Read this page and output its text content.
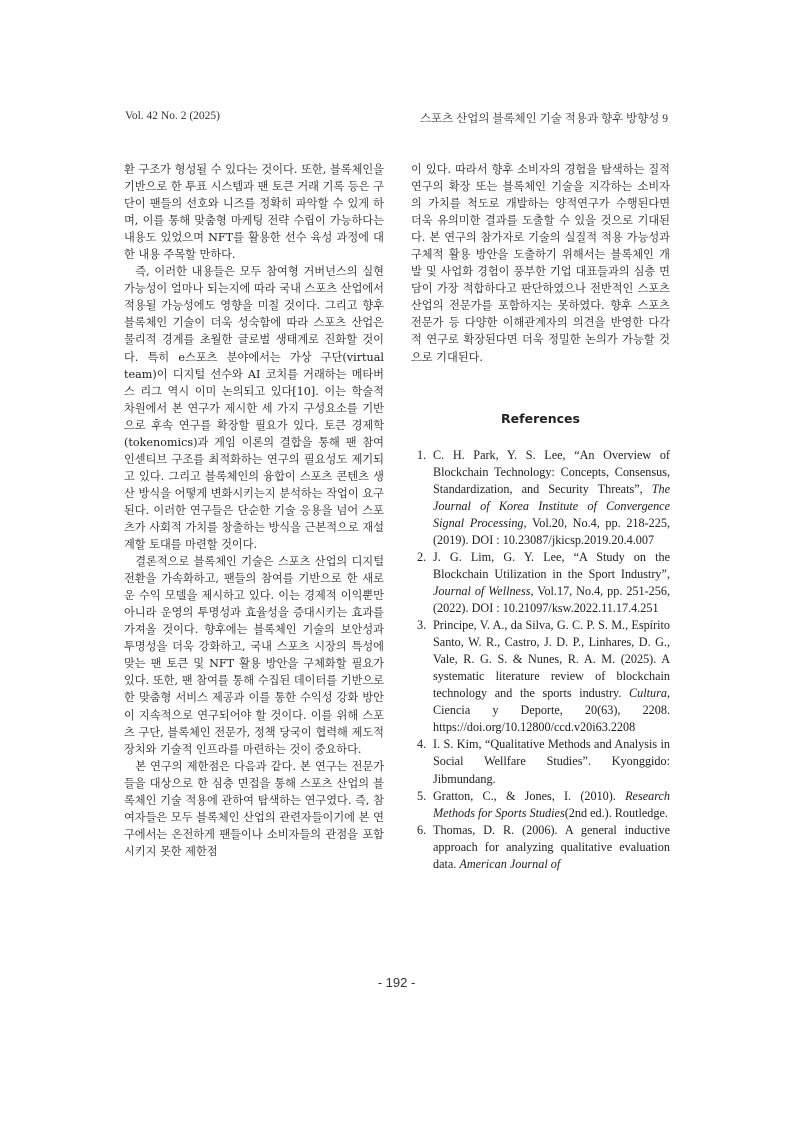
Vol. 42 No. 2 (2025)	스포츠 산업의 블록체인 기술 적용과 향후 방향성 9

환 구조가 형성될 수 있다는 것이다. 또한, 블록체인을 기반으로 한 투표 시스템과 팬 토큰 거래 기록 등은 구단이 팬들의 선호와 니즈를 정확히 파악할 수 있게 하며, 이를 통해 맞춤형 마케팅 전략 수립이 가능하다는 내용도 있었으며 NFT를 활용한 선수 육성 과정에 대한 내용 주목할 만하다.

즉, 이러한 내용들은 모두 참여형 거버넌스의 실현 가능성이 얼마나 되는지에 따라 국내 스포츠 산업에서 적용될 가능성에도 영향을 미칠 것이다. 그리고 향후 블록체인 기술이 더욱 성숙함에 따라 스포츠 산업은 물리적 경계를 초월한 글로벌 생태계로 진화할 것이다. 특히 e스포츠 분야에서는 가상 구단(virtual team)이 디지털 선수와 AI 코치를 거래하는 메타버스 리그 역시 이미 논의되고 있다[10]. 이는 학술적 차원에서 본 연구가 제시한 세 가지 구성요소를 기반으로 후속 연구를 확장할 필요가 있다. 토큰 경제학(tokenomics)과 게임 이론의 결합을 통해 팬 참여 인센티브 구조를 최적화하는 연구의 필요성도 제기되고 있다. 그리고 블록체인의 융합이 스포츠 콘텐츠 생산 방식을 어떻게 변화시키는지 분석하는 작업이 요구된다. 이러한 연구들은 단순한 기술 응용을 넘어 스포츠가 사회적 가치를 창출하는 방식을 근본적으로 재설계할 토대를 마련할 것이다.

결론적으로 블록체인 기술은 스포츠 산업의 디지털 전환을 가속화하고, 팬들의 참여를 기반으로 한 새로운 수익 모델을 제시하고 있다. 이는 경제적 이익뿐만 아니라 운영의 투명성과 효율성을 증대시키는 효과를 가져올 것이다. 향후에는 블록체인 기술의 보안성과 투명성을 더욱 강화하고, 국내 스포츠 시장의 특성에 맞는 팬 토큰 및 NFT 활용 방안을 구체화할 필요가 있다. 또한, 팬 참여를 통해 수집된 데이터를 기반으로 한 맞춤형 서비스 제공과 이를 통한 수익성 강화 방안이 지속적으로 연구되어야 할 것이다. 이를 위해 스포츠 구단, 블록체인 전문가, 정책 당국이 협력해 제도적 장치와 기술적 인프라를 마련하는 것이 중요하다.

본 연구의 제한점은 다음과 같다. 본 연구는 전문가들을 대상으로 한 심층 면접을 통해 스포츠 산업의 블록체인 기술 적용에 관하여 탐색하는 연구였다. 즉, 참여자들은 모두 블록체인 산업의 관련자들이기에 본 연구에서는 온전하게 팬들이나 소비자들의 관점을 포함시키지 못한 제한점

이 있다. 따라서 향후 소비자의 경험을 탐색하는 질적연구의 확장 또는 블록체인 기술을 지각하는 소비자의 가치를 척도로 개발하는 양적연구가 수행된다면 더욱 유의미한 결과를 도출할 수 있을 것으로 기대된다. 본 연구의 참가자로 기술의 실질적 적용 가능성과 구체적 활용 방안을 도출하기 위해서는 블록체인 개발 및 사업화 경험이 풍부한 기업 대표들과의 심층 면담이 가장 적합하다고 판단하였으나 전반적인 스포츠산업의 전문가를 포함하지는 못하였다. 향후 스포츠 전문가 등 다양한 이해관계자의 의견을 반영한 다각적 연구로 확장된다면 더욱 정밀한 논의가 가능할 것으로 기대된다.

References
1. C. H. Park, Y. S. Lee, “An Overview of Blockchain Technology: Concepts, Consensus, Standardization, and Security Threats”, The Journal of Korea Institute of Convergence Signal Processing, Vol.20, No.4, pp. 218-225, (2019). DOI : 10.23087/jkicsp.2019.20.4.007
2. J. G. Lim, G. Y. Lee, “A Study on the Blockchain Utilization in the Sport Industry”, Journal of Wellness, Vol.17, No.4, pp. 251-256, (2022). DOI : 10.21097/ksw.2022.11.17.4.251
3. Principe, V. A., da Silva, G. C. P. S. M., Espírito Santo, W. R., Castro, J. D. P., Linhares, D. G., Vale, R. G. S. & Nunes, R. A. M. (2025). A systematic literature review of blockchain technology and the sports industry. Cultura, Ciencia y Deporte, 20(63), 2208. https://doi.org/10.12800/ccd.v20i63.2208
4. I. S. Kim, “Qualitative Methods and Analysis in Social Wellfare Studies”. Kyonggido: Jibmundang.
5. Gratton, C., & Jones, I. (2010). Research Methods for Sports Studies(2nd ed.). Routledge.
6. Thomas, D. R. (2006). A general inductive approach for analyzing qualitative evaluation data. American Journal of
- 192 -
